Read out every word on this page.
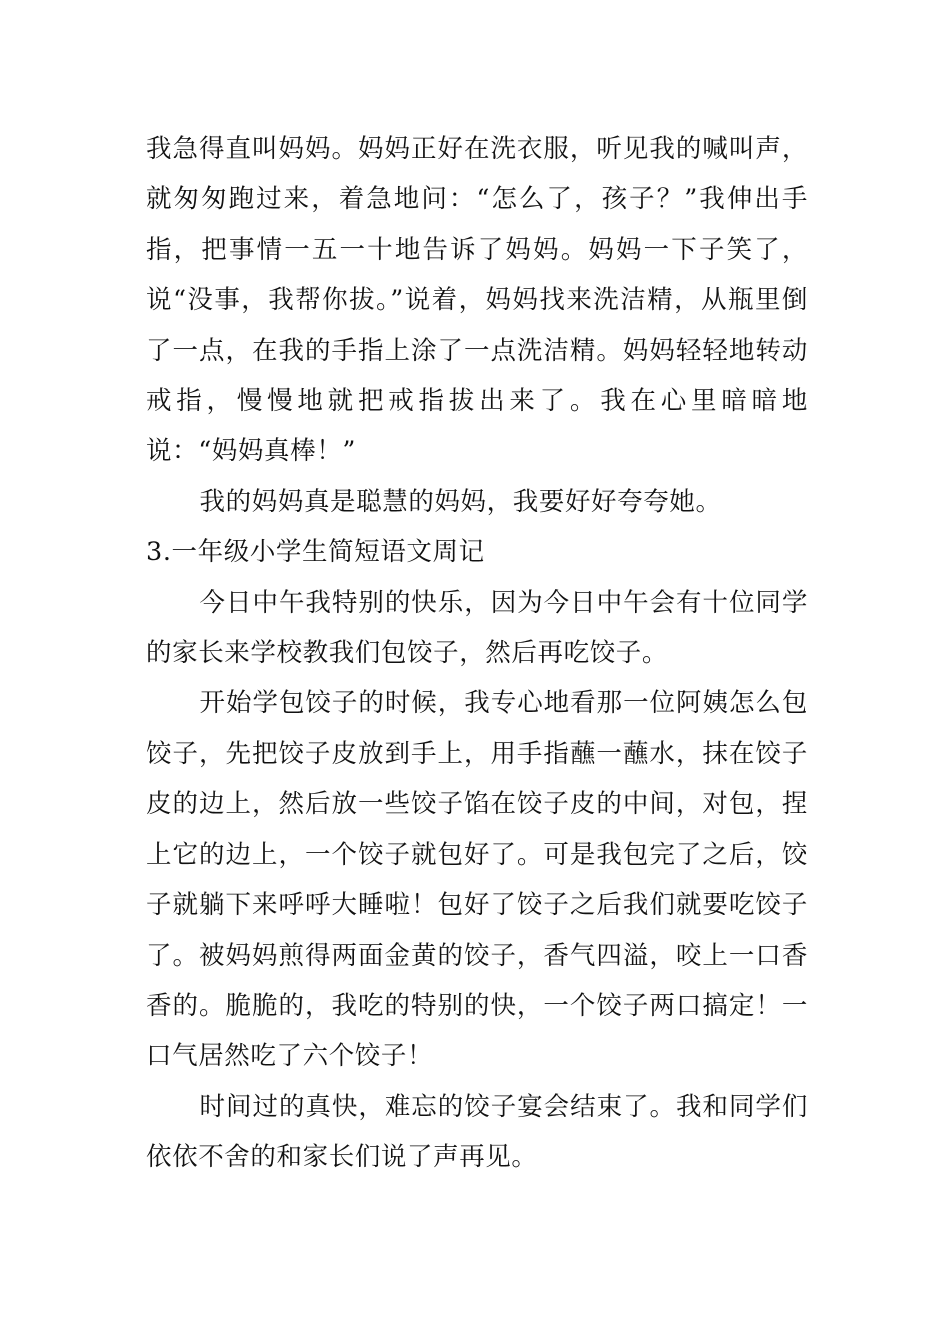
我急得直叫妈妈。妈妈正好在洗衣服，听见我的喊叫声，就匆匆跑过来，着急地问：“怎么了，孩子？”我伸出手指，把事情一五一十地告诉了妈妈。妈妈一下子笑了，说“没事，我帮你拔。”说着，妈妈找来洗洁精，从瓶里倒了一点，在我的手指上涂了一点洗洁精。妈妈轻轻地转动戒指，慢慢地就把戒指拔出来了。我在心里暗暗地说：“妈妈真棒！”

我的妈妈真是聪慧的妈妈，我要好好夸夸她。

3.一年级小学生简短语文周记

今日中午我特别的快乐，因为今日中午会有十位同学的家长来学校教我们包饺子，然后再吃饺子。

开始学包饺子的时候，我专心地看那一位阿姨怎么包饺子，先把饺子皮放到手上，用手指蘸一蘸水，抹在饺子皮的边上，然后放一些饺子馅在饺子皮的中间，对包，捏上它的边上，一个饺子就包好了。可是我包完了之后，饺子就躺下来呼呼大睡啦！包好了饺子之后我们就要吃饺子了。被妈妈煎得两面金黄的饺子，香气四溢，咬上一口香香的。脆脆的，我吃的特别的快，一个饺子两口搞定！一口气居然吃了六个饺子！

时间过的真快，难忘的饺子宴会结束了。我和同学们依依不舍的和家长们说了声再见。
